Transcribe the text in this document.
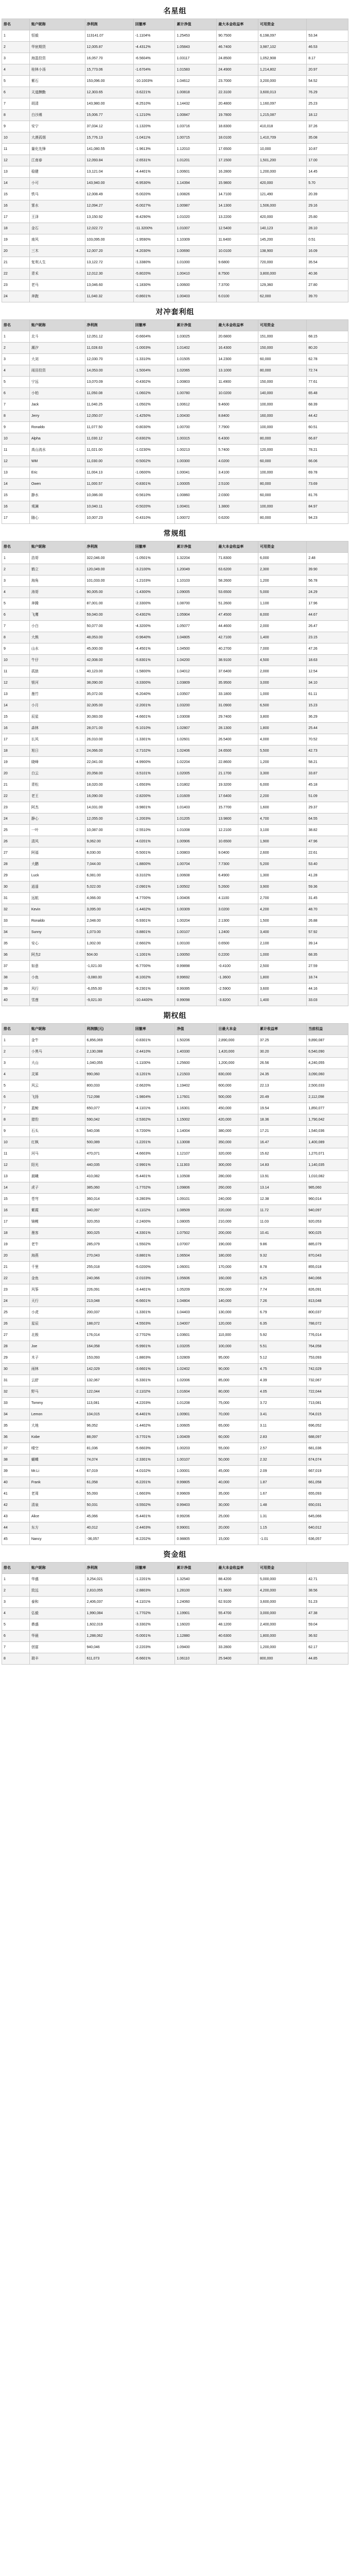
名星组
排名	账户昵称	净利润	回撤率	累计净值	最大本金收益率	可用资金	
1	恒毅	113141.07	-1.1104%	1.25453	90.7500	6,198,097	53.34
2	华宸期货	12,005.87	-4.4312%	1.05843	46.7400	3,987,102	46.53
3	海盈投资	16,057.70	-6.5604%	1.03117	24.8500	1,052,908	8.17
4	桂林小汤	15,773.06	-1.6704%	1.01583	24.4900	1,214,802	20.97
5	紫石	153,096.00	-10.1003%	1.04612	23.7000	3,200,000	54.52
6	天道酬勤	12,303.65	-3.6221%	1.00818	22.3100	3,600,013	76.29
7	胡清	143,980.00	-8.2510%	1.14432	20.4800	1,160,097	25.23
8	白沙滩	15,006.77	-1.1210%	1.00847	19.7800	1,215,087	18.12
9	安宁	37,034.12	-1.1320%	1.03716	18.8300	410,018	37.26
10	大漠孤烟	15,776.13	-1.0411%	1.00715	18.0100	1,410,709	35.08
11	量化先锋	141,080.55	-1.9613%	1.12010	17.6500	10,000	10.87
12	江南春	12,093.84	-2.6531%	1.01201	17.1500	1,501,200	17.00
13	稳健	13,121.04	-4.4401%	1.00601	16.2800	1,200,000	14.45
14	小可	143,940.00	-6.9530%	1.14394	15.9800	420,000	5.70
15	铁马	12,008.49	-5.0020%	1.00826	14.7100	121,490	20.39
16	雾水	12,094.27	-6.0027%	1.00987	14.1300	1,506,000	29.16
17	王泽	13,150.92	-8.4290%	1.01020	13.2200	420,000	25.80
18	金石	12,022.72	-11.3200%	1.01007	12.5400	140,123	28.10
19	南风	103,095.00	-1.9590%	1.10309	11.6400	145,200	0.51
20	三木	12,007.20	-4.2030%	1.00690	10.0100	138,900	16.09
21	复利人生	13,122.72	-1.3380%	1.01000	9.6800	720,000	35.54
22	青禾	12,012.30	-5.8020%	1.00410	8.7500	3,800,000	40.36
23	老马	13,046.60	-1.1830%	1.00600	7.3700	129,360	27.80
24	奔跑	11,040.32	-0.8601%	1.00403	6.0100	62,000	39.70
对冲套利组
排名	账户昵称	净利润	回撤率	累计净值	最大本金收益率	可用资金	
1	北斗	12,051.12	-0.6604%	1.03025	20.6800	151,000	68.15
2	潮汐	11,028.63	-1.0003%	1.01402	16.4300	150,000	80.20
3	大刘	12,030.70	-1.3310%	1.01505	14.2300	60,000	62.78
4	雨田投资	14,053.00	-1.5004%	1.02065	13.1000	80,000	72.74
5	宁远	13,070.09	-0.4302%	1.00803	11.4900	150,000	77.61
6	小柏	11,050.08	-1.0602%	1.00780	10.0200	140,000	65.48
7	Jack	11,040.25	-1.0502%	1.00612	9.4600	100,000	68.39
8	Jerry	12,050.07	-1.4250%	1.00430	8.8400	160,000	44.42
9	Ronaldo	11,077.50	-0.8030%	1.00700	7.7900	100,000	60.51
10	Alpha	11,030.12	-0.8302%	1.00315	6.4300	80,000	66.87
11	高山流水	11,021.00	-1.0230%	1.00213	5.7400	120,000	78.21
12	WM	11,030.00	-0.5002%	1.00300	4.0200	60,000	66.06
13	Eric	11,004.13	-1.0600%	1.00041	3.4100	100,000	69.78
14	Owen	11,000.57	-0.8301%	1.00005	2.5100	80,000	73.69
15	静水	10,086.00	-0.5610%	1.00860	2.0300	60,000	81.76
16	观澜	10,040.11	-0.5020%	1.00401	1.3800	100,000	84.97
17	随心	10,007.23	-0.4310%	1.00072	0.6200	80,000	94.23
常规组
排名	账户昵称	净利润	回撤率	累计净值	最大本金收益率	可用资金	
1	浩哥	322,046.00	-1.0501%	1.32204	71.8300	6,000	2.48
2	鹤立	120,049.00	-3.2100%	1.20049	63.6200	2,300	39.90
3	海角	101,033.00	-1.2103%	1.10103	58.2600	1,200	56.78
4	涛哥	90,005.00	-1.4300%	1.09005	53.6500	5,000	24.29
5	奔腾	87,001.00	-2.3300%	1.08700	51.2600	1,100	17.96
6	飞鹰	59,040.00	-0.4302%	1.05904	47.4500	8,000	44.67
7	小白	50,077.00	-4.3200%	1.05077	44.4600	2,000	26.47
8	大熊	48,053.00	-0.9640%	1.04805	42.7100	1,400	23.15
9	山水	45,000.00	-4.4501%	1.04500	40.2700	7,000	47.26
10	牛仔	42,008.00	-5.8301%	1.04200	38.9100	4,500	18.63
11	孤狼	40,123.00	-1.5800%	1.04012	37.6400	2,000	12.54
12	银河	38,090.00	-3.3300%	1.03809	35.9500	3,000	34.10
13	墨竹	35,072.00	-6.2040%	1.03507	33.1800	1,000	61.11
14	小月	32,005.00	-2.2001%	1.03200	31.0900	6,500	15.23
15	辰星	30,083.00	-4.6601%	1.03008	29.7400	3,800	36.29
16	森林	28,071.00	-5.1010%	1.02807	28.1300	1,800	25.44
17	长风	26,010.00	-1.3301%	1.02601	26.5400	4,000	70.52
18	旭日	24,066.00	-2.7102%	1.02406	24.6500	5,500	42.73
19	晓峰	22,041.00	-4.9900%	1.02204	22.8600	1,200	58.21
20	白云	20,058.00	-3.5101%	1.02005	21.1700	3,300	33.87
21	青松	18,020.00	-1.6503%	1.01802	19.3200	6,000	45.18
22	老王	16,090.00	-2.8200%	1.01609	17.6400	2,200	51.09
23	阿杰	14,031.00	-3.9801%	1.01403	15.7700	1,600	29.37
24	静心	12,055.00	-1.2003%	1.01205	13.9800	4,700	64.55
25	一叶	10,087.00	-2.5510%	1.01008	12.2100	3,100	38.82
26	清风	9,062.00	-4.0201%	1.00906	10.6500	1,900	47.96
27	阿福	8,030.00	-5.5001%	1.00803	9.0400	2,600	22.61
28	大鹏	7,044.00	-1.8800%	1.00704	7.7300	5,200	53.40
29	Luck	6,081.00	-3.3102%	1.00608	6.4900	1,300	41.28
30	逍遥	5,022.00	-2.0901%	1.00502	5.2600	3,900	59.36
31	远航	4,066.00	-4.7700%	1.00406	4.1100	2,700	31.45
32	Kevin	3,095.00	-1.4402%	1.00309	3.0200	4,200	48.70
33	Ronaldo	2,048.00	-5.9301%	1.00204	2.1300	1,500	26.88
34	Sunny	1,073.00	-3.8801%	1.00107	1.2400	3,400	57.92
35	安心	1,002.00	-2.6602%	1.00100	0.6500	2,100	39.14
36	阿杰2	504.00	-1.1001%	1.00050	0.2200	1,000	68.35
37	如意	-1,021.00	-6.7700%	0.99898	-0.4100	2,500	27.59
38	小鱼	-3,080.00	-8.1002%	0.99692	-1.3600	1,800	18.74
39	风行	-6,055.00	-9.2301%	0.99395	-2.5900	3,600	44.16
40	雪莲	-9,021.00	-10.4400%	0.99098	-3.8200	1,400	33.03
期权组
排名	账户昵称	利润额(元)	回撤率	净值	日最大本金	累计收益率	当前权益
1	金牛	6,856,069	-0.8301%	1.50206	2,890,000	37.25	9,890,087
2	小黑马	2,130,088	-2.4410%	1.40330	1,420,000	30.20	6,540,090
3	大山	1,040,055	-1.1100%	1.25600	1,200,000	26.56	4,240,055
4	灵犀	990,060	-3.1201%	1.21503	830,000	24.35	3,090,060
5	风云	800,033	-2.6620%	1.19402	600,000	22.13	2,500,033
6	飞扬	712,098	-1.9804%	1.17601	500,000	20.49	2,112,098
7	蓝鲸	650,077	-4.1101%	1.16301	450,000	19.54	1,850,077
8	猎豹	590,042	-2.5302%	1.15002	420,000	18.36	1,790,042
9	石头	540,036	-3.7200%	1.14004	380,000	17.21	1,540,036
10	红枫	500,089	-1.2201%	1.13008	350,000	16.47	1,400,089
11	河马	470,071	-4.6603%	1.12107	320,000	15.62	1,270,071
12	阳光	440,035	-2.9901%	1.11303	300,000	14.83	1,140,035
13	晨曦	410,082	-5.4401%	1.10508	280,000	13.91	1,010,082
14	虎子	385,060	-1.7702%	1.09806	260,000	13.14	985,060
15	苍穹	360,014	-3.2803%	1.09101	240,000	12.38	960,014
16	紫霞	340,097	-6.1102%	1.08509	220,000	11.72	940,097
17	锦鲤	320,053	-2.2400%	1.08005	210,000	11.03	920,053
18	墨客	300,025	-4.3301%	1.07502	200,000	10.41	900,025
19	老牛	285,079	-1.5502%	1.07007	190,000	9.86	885,079
20	海燕	270,043	-3.8801%	1.06504	180,000	9.32	870,043
21	千里	255,018	-5.0200%	1.06001	170,000	8.78	855,018
22	金鱼	240,066	-2.0103%	1.05606	160,000	8.25	840,066
23	风筝	226,091	-3.4401%	1.05209	150,000	7.74	826,091
24	天行	213,048	-6.6601%	1.04804	140,000	7.26	813,048
25	小虎	200,037	-1.3301%	1.04403	130,000	6.79	800,037
26	星辰	188,072	-4.5503%	1.04007	120,000	6.35	788,072
27	北极	176,014	-2.7702%	1.03601	110,000	5.92	776,014
28	Joe	164,058	-5.9901%	1.03205	100,000	5.51	764,058
29	木子	153,093	-1.8803%	1.02809	95,000	5.12	753,093
30	雨林	142,029	-3.6601%	1.02402	90,000	4.75	742,029
31	云舒	132,067	-5.3301%	1.02006	85,000	4.39	732,067
32	野马	122,044	-2.1102%	1.01604	80,000	4.05	722,044
33	Tommy	113,081	-4.2203%	1.01208	75,000	3.72	713,081
34	Lemon	104,015	-6.4401%	1.00901	70,000	3.41	704,015
35	大地	96,052	-1.4402%	1.00605	65,000	3.11	696,052
36	Kobe	88,097	-3.7701%	1.00409	60,000	2.83	688,097
37	晴空	81,036	-5.6603%	1.00203	55,000	2.57	681,036
38	蝴蝶	74,074	-2.3301%	1.00107	50,000	2.32	674,074
39	Mr.Li	67,019	-4.0102%	1.00001	45,000	2.09	667,019
40	Frank	61,058	-6.2201%	0.99805	40,000	1.87	661,058
41	老周	55,093	-1.6603%	0.99609	35,000	1.67	655,093
42	清泉	50,031	-3.5502%	0.99403	30,000	1.48	650,031
43	Alice	45,066	-5.4401%	0.99206	25,000	1.31	645,066
44	东方	40,012	-2.4403%	0.99001	20,000	1.15	640,012
45	Nancy	-36,057	-8.2202%	0.98805	15,000	-1.01	636,057
资金组
排名	账户昵称	净利润	回撤率	累计净值	最大本金收益率	可用资金	
1	华盛	3,254,021	-1.2201%	1.32540	88.4200	5,000,000	42.71
2	致远	2,810,055	-2.8803%	1.28100	71.3600	4,200,000	38.56
3	泰和	2,406,037	-4.1101%	1.24060	62.9100	3,600,000	51.23
4	弘毅	1,990,084	-1.7702%	1.19901	55.4700	3,000,000	47.38
5	鼎盛	1,602,019	-3.3302%	1.16020	48.1200	2,400,000	59.04
6	华晨	1,288,062	-5.0001%	1.12880	40.6300	1,800,000	36.92
7	创富	940,046	-2.2203%	1.09400	33.2800	1,200,000	62.17
8	瑞丰	611,073	-6.6601%	1.06110	25.9400	800,000	44.85
